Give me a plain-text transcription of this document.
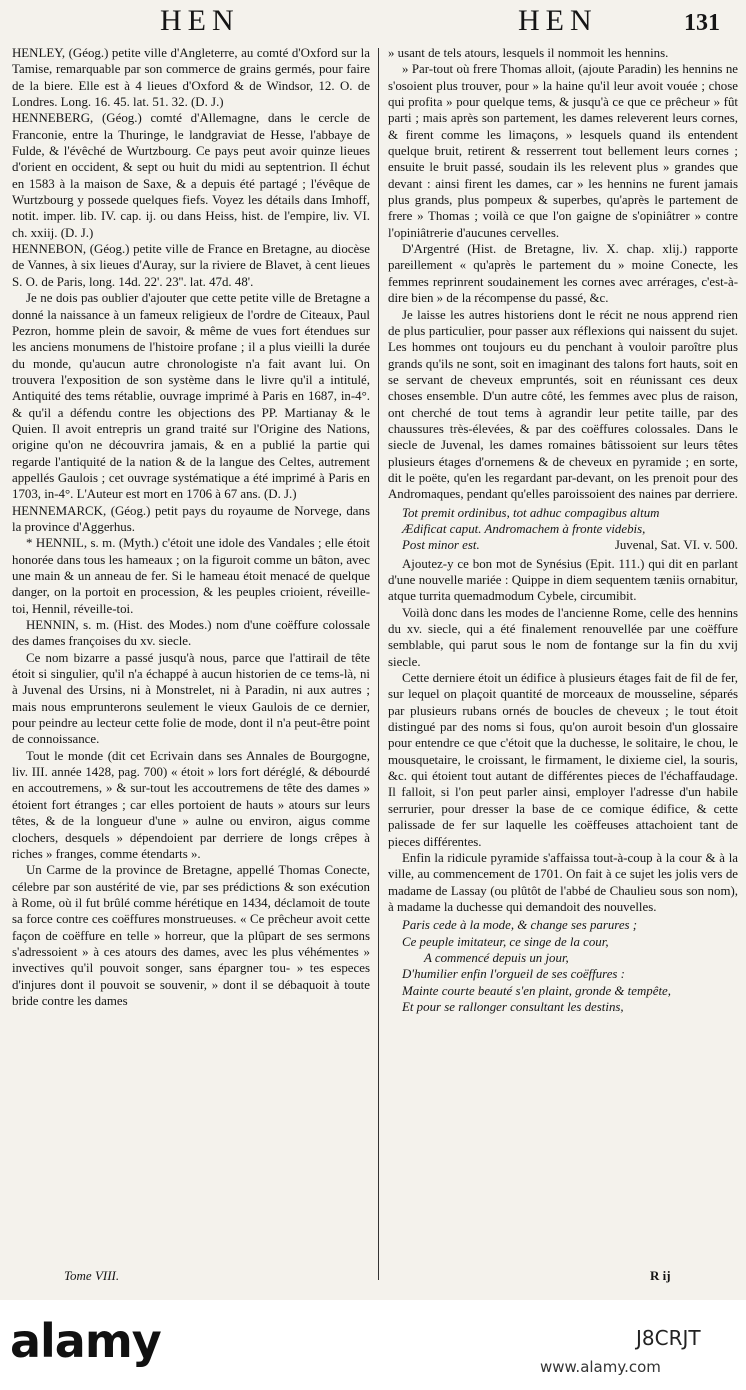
HEN	HEN	131

HENLEY, (Géog.) petite ville d'Angleterre, au comté d'Oxford sur la Tamise, remarquable par son commerce de grains germés, pour faire de la biere. Elle est à 4 lieues d'Oxford & de Windsor, 12. O. de Londres. Long. 16. 45. lat. 51. 32. (D. J.)

HENNEBERG, (Géog.) comté d'Allemagne, dans le cercle de Franconie, entre la Thuringe, le landgraviat de Hesse, l'abbaye de Fulde, & l'évêché de Wurtzbourg. Ce pays peut avoir quinze lieues d'orient en occident, & sept ou huit du midi au septentrion. Il échut en 1583 à la maison de Saxe, & a depuis été partagé ; l'évêque de Wurtzbourg y possede quelques fiefs. Voyez les détails dans Imhoff, notit. imper. lib. IV. cap. ij. ou dans Heiss, hist. de l'empire, liv. VI. ch. xxiij. (D. J.)

HENNEBON, (Géog.) petite ville de France en Bretagne, au diocèse de Vannes, à six lieues d'Auray, sur la riviere de Blavet, à cent lieues S. O. de Paris, long. 14d. 22'. 23''. lat. 47d. 48'.

Je ne dois pas oublier d'ajouter que cette petite ville de Bretagne a donné la naissance à un fameux religieux de l'ordre de Citeaux, Paul Pezron, homme plein de savoir, & même de vues fort étendues sur les anciens monumens de l'histoire profane ; il a plus vieilli la durée du monde, qu'aucun autre chronologiste n'a fait avant lui. On trouvera l'exposition de son système dans le livre qu'il a intitulé, Antiquité des tems rétablie, ouvrage imprimé à Paris en 1687, in-4°. & qu'il a défendu contre les objections des PP. Martianay & le Quien. Il avoit entrepris un grand traité sur l'Origine des Nations, origine qu'on ne découvrira jamais, & en a publié la partie qui regarde l'antiquité de la nation & de la langue des Celtes, autrement appellés Gaulois ; cet ouvrage systématique a été imprimé à Paris en 1703, in-4°. L'Auteur est mort en 1706 à 67 ans. (D. J.)

HENNEMARCK, (Géog.) petit pays du royaume de Norvege, dans la province d'Aggerhus.

* HENNIL, s. m. (Myth.) c'étoit une idole des Vandales ; elle étoit honorée dans tous les hameaux ; on la figuroit comme un bâton, avec une main & un anneau de fer. Si le hameau étoit menacé de quelque danger, on la portoit en procession, & les peuples crioient, réveille-toi, Hennil, réveille-toi.

HENNIN, s. m. (Hist. des Modes.) nom d'une coëffure colossale des dames françoises du xv. siecle.

Ce nom bizarre a passé jusqu'à nous, parce que l'attirail de tête étoit si singulier, qu'il n'a échappé à aucun historien de ce tems-là, ni à Juvenal des Ursins, ni à Monstrelet, ni à Paradin, ni aux autres ; mais nous emprunterons seulement le vieux Gaulois de ce dernier, pour peindre au lecteur cette folie de mode, dont il n'a peut-être point de connoissance.

Tout le monde (dit cet Ecrivain dans ses Annales de Bourgogne, liv. III. année 1428, pag. 700) « étoit » lors fort déréglé, & débourdé en accoutremens, » & sur-tout les accoutremens de tête des dames » étoient fort étranges ; car elles portoient de hauts » atours sur leurs têtes, & de la longueur d'une » aulne ou environ, aigus comme clochers, desquels » dépendoient par derriere de longs crêpes à riches » franges, comme étendarts ».

Un Carme de la province de Bretagne, appellé Thomas Conecte, célebre par son austérité de vie, par ses prédictions & son exécution à Rome, où il fut brûlé comme hérétique en 1434, déclamoit de toute sa force contre ces coëffures monstrueuses. « Ce prêcheur avoit cette façon de coëffure en telle » horreur, que la plûpart de ses sermons s'adressoient » à ces atours des dames, avec les plus véhémentes » invectives qu'il pouvoit songer, sans épargner tou- » tes especes d'injures dont il pouvoit se souvenir, » dont il se débaquoit à toute bride contre les dames

» usant de tels atours, lesquels il nommoit les hennins.

» Par-tout où frere Thomas alloit, (ajoute Paradin) les hennins ne s'osoient plus trouver, pour » la haine qu'il leur avoit vouée ; chose qui profita » pour quelque tems, & jusqu'à ce que ce prêcheur » fût parti ; mais après son partement, les dames releverent leurs cornes, & firent comme les limaçons, » lesquels quand ils entendent quelque bruit, retirent & resserrent tout bellement leurs cornes ; ensuite le bruit passé, soudain ils les relevent plus » grandes que devant : ainsi firent les dames, car » les hennins ne furent jamais plus grands, plus pompeux & superbes, qu'après le partement de frere » Thomas ; voilà ce que l'on gaigne de s'opiniâtrer » contre l'opiniâtrerie d'aucunes cervelles.

D'Argentré (Hist. de Bretagne, liv. X. chap. xlij.) rapporte pareillement « qu'après le partement du » moine Conecte, les femmes reprinrent soudainement les cornes avec arrérages, c'est-à-dire bien » de la récompense du passé, &c.

Je laisse les autres historiens dont le récit ne nous apprend rien de plus particulier, pour passer aux réflexions qui naissent du sujet. Les hommes ont toujours eu du penchant à vouloir paroître plus grands qu'ils ne sont, soit en imaginant des talons fort hauts, soit en se servant de cheveux empruntés, soit en réunissant ces deux choses ensemble. D'un autre côté, les femmes avec plus de raison, ont cherché de tout tems à agrandir leur petite taille, par des chaussures très-élevées, & par des coëffures colossales. Dans le siecle de Juvenal, les dames romaines bâtissoient sur leurs têtes plusieurs étages d'ornemens & de cheveux en pyramide ; en sorte, dit le poëte, qu'en les regardant par-devant, on les prenoit pour des Andromaques, pendant qu'elles paroissoient des naines par derriere.

Tot premit ordinibus, tot adhuc compagibus altum
Ædificat caput. Andromachem à fronte videbis,
Post minor est.	Juvenal, Sat. VI. v. 500.

Ajoutez-y ce bon mot de Synésius (Epit. 111.) qui dit en parlant d'une nouvelle mariée : Quippe in diem sequentem tæniis ornabitur, atque turrita quemadmodum Cybele, circumibit.

Voilà donc dans les modes de l'ancienne Rome, celle des hennins du xv. siecle, qui a été finalement renouvellée par une coëffure semblable, qui parut sous le nom de fontange sur la fin du xvij siecle.

Cette derniere étoit un édifice à plusieurs étages fait de fil de fer, sur lequel on plaçoit quantité de morceaux de mousseline, séparés par plusieurs rubans ornés de boucles de cheveux ; le tout étoit distingué par des noms si fous, qu'on auroit besoin d'un glossaire pour entendre ce que c'étoit que la duchesse, le solitaire, le chou, le mousquetaire, le croissant, le firmament, le dixieme ciel, la souris, &c. qui étoient tout autant de différentes pieces de l'échaffaudage. Il falloit, si l'on peut parler ainsi, employer l'adresse d'un habile serrurier, pour dresser la base de ce comique édifice, & cette palissade de fer sur laquelle les coëffeuses attachoient tant de pieces différentes.

Enfin la ridicule pyramide s'affaissa tout-à-coup à la cour & à la ville, au commencement de 1701. On fait à ce sujet les jolis vers de madame de Lassay (ou plûtôt de l'abbé de Chaulieu sous son nom), à madame la duchesse qui demandoit des nouvelles.

Paris cede à la mode, & change ses parures ;
Ce peuple imitateur, ce singe de la cour,
A commencé depuis un jour,
D'humilier enfin l'orgueil de ses coëffures :
Mainte courte beauté s'en plaint, gronde & tempête,
Et pour se rallonger consultant les destins,
Tome VIII.	R ij
alamy	J8CRJT
www.alamy.com
